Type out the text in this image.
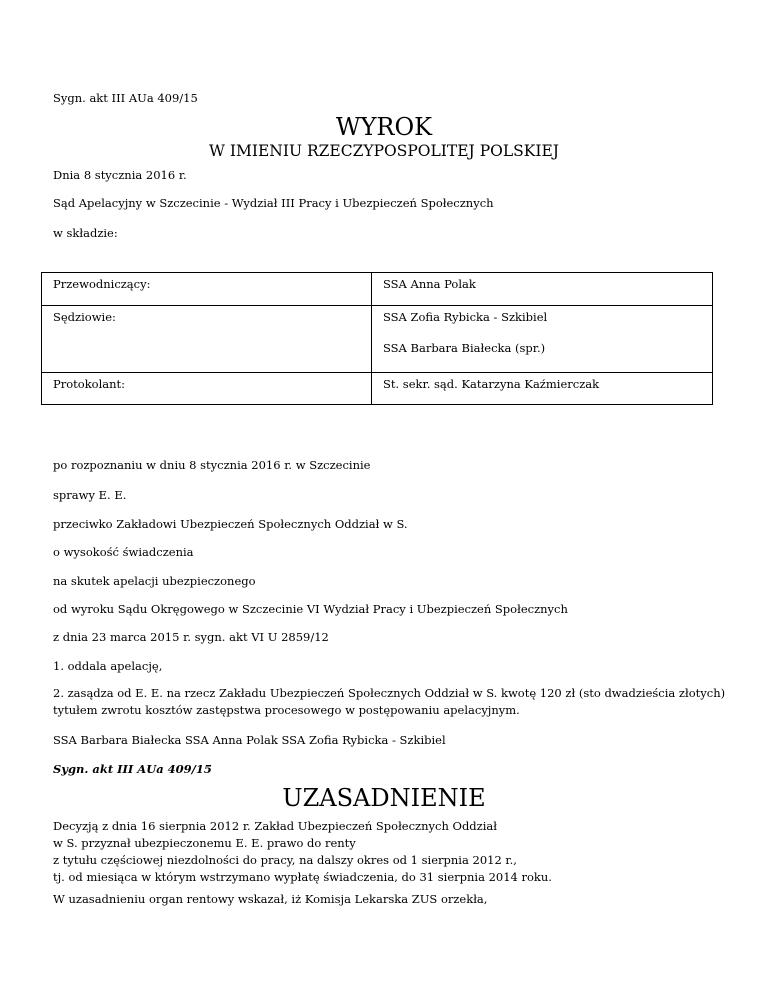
Sygn. akt III AUa 409/15
WYROK
W IMIENIU RZECZYPOSPOLITEJ POLSKIEJ
Dnia 8 stycznia 2016 r.
Sąd Apelacyjny w Szczecinie - Wydział III Pracy i Ubezpieczeń Społecznych
w składzie:
Przewodniczący:	SSA Anna Polak

Sędziowie:	SSA Zofia Rybicka - Szkibiel
SSA Barbara Białecka (spr.)

Protokolant:	St. sekr. sąd. Katarzyna Kaźmierczak
po rozpoznaniu w dniu 8 stycznia 2016 r. w Szczecinie
sprawy E. E.
przeciwko Zakładowi Ubezpieczeń Społecznych Oddział w S.
o wysokość świadczenia
na skutek apelacji ubezpieczonego
od wyroku Sądu Okręgowego w Szczecinie VI Wydział Pracy i Ubezpieczeń Społecznych
z dnia 23 marca 2015 r. sygn. akt VI U 2859/12
1. oddala apelację,
2. zasądza od E. E. na rzecz Zakładu Ubezpieczeń Społecznych Oddział w S. kwotę 120 zł (sto dwadzieścia złotych)
tytułem zwrotu kosztów zastępstwa procesowego w postępowaniu apelacyjnym.
SSA Barbara Białecka SSA Anna Polak SSA Zofia Rybicka - Szkibiel
Sygn. akt III AUa 409/15
UZASADNIENIE
Decyzją z dnia 16 sierpnia 2012 r. Zakład Ubezpieczeń Społecznych Oddział
w S. przyznał ubezpieczonemu E. E. prawo do renty
z tytułu częściowej niezdolności do pracy, na dalszy okres od 1 sierpnia 2012 r.,
tj. od miesiąca w którym wstrzymano wypłatę świadczenia, do 31 sierpnia 2014 roku.
W uzasadnieniu organ rentowy wskazał, iż Komisja Lekarska ZUS orzekła,
